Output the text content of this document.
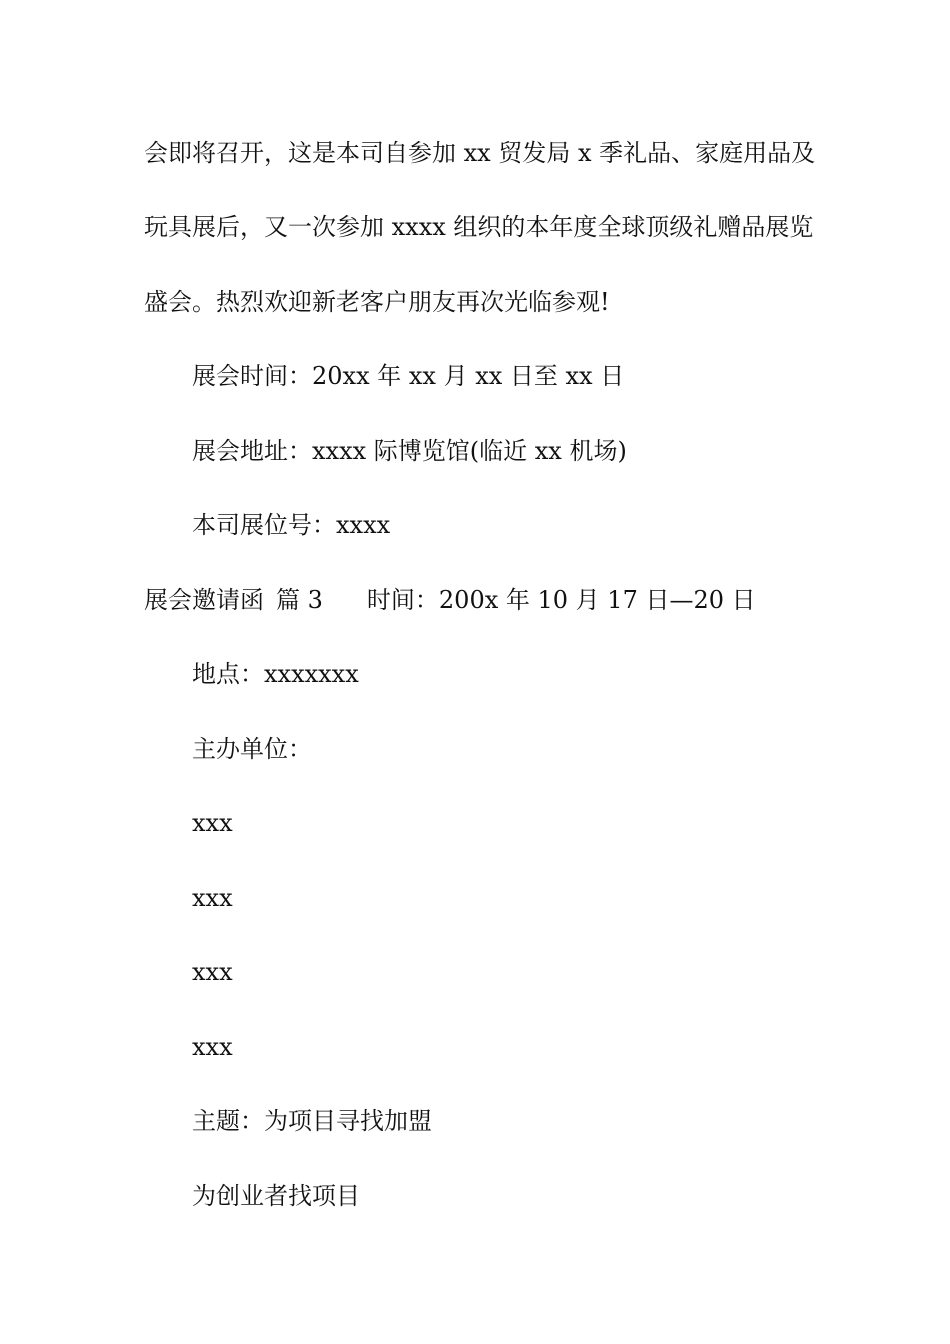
会即将召开，这是本司自参加 xx 贸发局 x 季礼品、家庭用品及
玩具展后，又一次参加 xxxx 组织的本年度全球顶级礼赠品展览
盛会。热烈欢迎新老客户朋友再次光临参观!
展会时间：20xx 年 xx 月 xx 日至 xx 日
展会地址：xxxx 际博览馆(临近 xx 机场)
本司展位号：xxxx
展会邀请函 篇 3 时间：200x 年 10 月 17 日—20 日
地点：xxxxxxx
主办单位：
xxx
xxx
xxx
xxx
主题：为项目寻找加盟
为创业者找项目
